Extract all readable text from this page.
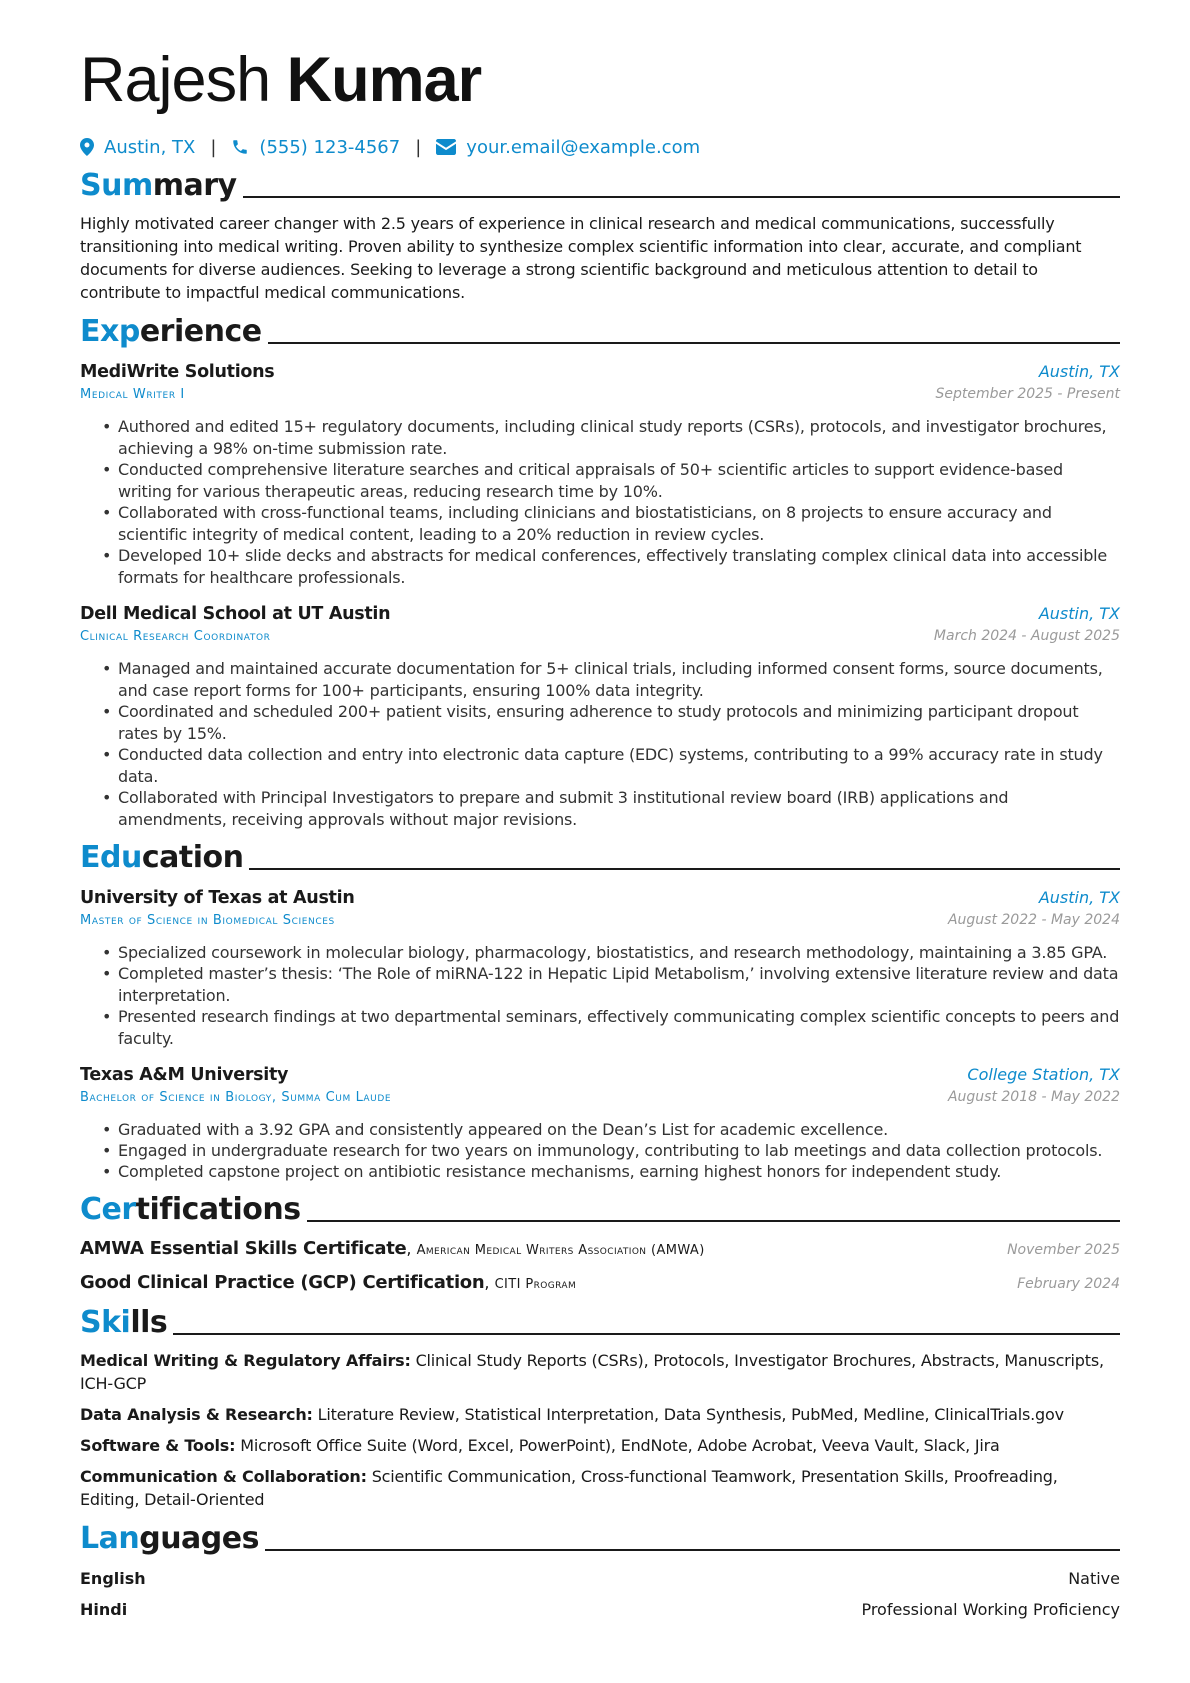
Rajesh Kumar
Austin, TX | (555) 123-4567 |	your.email@example.com
Summary

Highly motivated career changer with 2.5 years of experience in clinical research and medical communications, successfully transitioning into medical writing. Proven ability to synthesize complex scientific information into clear, accurate, and compliant documents for diverse audiences. Seeking to leverage a strong scientific background and meticulous attention to detail to contribute to impactful medical communications.

Experience
MediWrite Solutions	Austin, TX
Medical Writer I	September 2025 - Present
• Authored and edited 15+ regulatory documents, including clinical study reports (CSRs), protocols, and investigator brochures, achieving a 98% on-time submission rate.
• Conducted comprehensive literature searches and critical appraisals of 50+ scientific articles to support evidence-based writing for various therapeutic areas, reducing research time by 10%.
• Collaborated with cross-functional teams, including clinicians and biostatisticians, on 8 projects to ensure accuracy and scientific integrity of medical content, leading to a 20% reduction in review cycles.
• Developed 10+ slide decks and abstracts for medical conferences, effectively translating complex clinical data into accessible formats for healthcare professionals.
Dell Medical School at UT Austin	Austin, TX
Clinical Research Coordinator	March 2024 - August 2025
• Managed and maintained accurate documentation for 5+ clinical trials, including informed consent forms, source documents, and case report forms for 100+ participants, ensuring 100% data integrity.
• Coordinated and scheduled 200+ patient visits, ensuring adherence to study protocols and minimizing participant dropout rates by 15%.
• Conducted data collection and entry into electronic data capture (EDC) systems, contributing to a 99% accuracy rate in study data.
• Collaborated with Principal Investigators to prepare and submit 3 institutional review board (IRB) applications and amendments, receiving approvals without major revisions.
Education
University of Texas at Austin	Austin, TX
Master of Science in Biomedical Sciences	August 2022 - May 2024
• Specialized coursework in molecular biology, pharmacology, biostatistics, and research methodology, maintaining a 3.85 GPA.
• Completed master’s thesis: ‘The Role of miRNA-122 in Hepatic Lipid Metabolism,’ involving extensive literature review and data interpretation.
• Presented research findings at two departmental seminars, effectively communicating complex scientific concepts to peers and faculty.
Texas A&M University	College Station, TX
Bachelor of Science in Biology, Summa Cum Laude	August 2018 - May 2022
• Graduated with a 3.92 GPA and consistently appeared on the Dean’s List for academic excellence.
• Engaged in undergraduate research for two years on immunology, contributing to lab meetings and data collection protocols.
• Completed capstone project on antibiotic resistance mechanisms, earning highest honors for independent study.
Certifications
AMWA Essential Skills Certificate, American Medical Writers Association (AMWA)	November 2025
Good Clinical Practice (GCP) Certification, CITI Program	February 2024
Skills

Medical Writing & Regulatory Affairs: Clinical Study Reports (CSRs), Protocols, Investigator Brochures, Abstracts, Manuscripts, ICH-GCP

Data Analysis & Research: Literature Review, Statistical Interpretation, Data Synthesis, PubMed, Medline, ClinicalTrials.gov

Software & Tools: Microsoft Office Suite (Word, Excel, PowerPoint), EndNote, Adobe Acrobat, Veeva Vault, Slack, Jira

Communication & Collaboration: Scientific Communication, Cross-functional Teamwork, Presentation Skills, Proofreading, Editing, Detail-Oriented

Languages
English	Native
Hindi	Professional Working Proficiency
